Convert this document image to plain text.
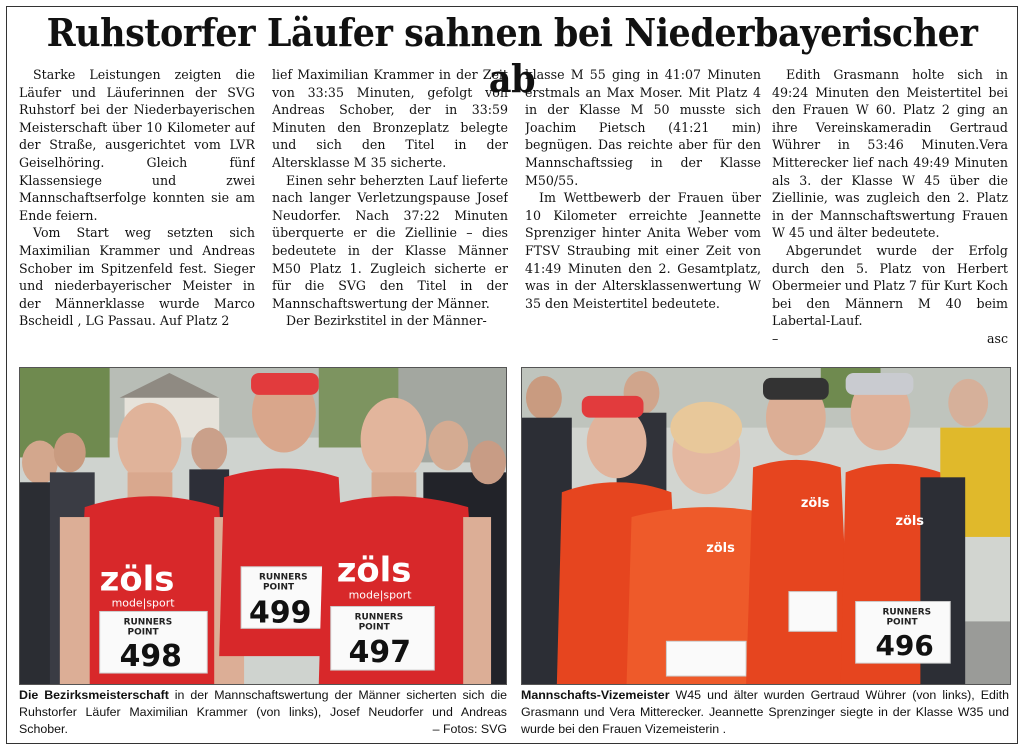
Ruhstorfer Läufer sahnen bei Niederbayerischer ab

Starke Leistungen zeigten die Läufer und Läuferinnen der SVG Ruhstorf bei der Niederbayerischen Meisterschaft über 10 Kilometer auf der Straße, ausgerichtet vom LVR Geiselhöring. Gleich fünf Klassensiege und zwei Mannschaftserfolge konnten sie am Ende feiern.

Vom Start weg setzten sich Maximilian Krammer und Andreas Schober im Spitzenfeld fest. Sieger und niederbayerischer Meister in der Männerklasse wurde Marco Bscheidl , LG Passau. Auf Platz 2

lief Maximilian Krammer in der Zeit von 33:35 Minuten, gefolgt von Andreas Schober, der in 33:59 Minuten den Bronzeplatz belegte und sich den Titel in der Altersklasse M 35 sicherte.

Einen sehr beherzten Lauf lieferte nach langer Verletzungspause Josef Neudorfer. Nach 37:22 Minuten überquerte er die Ziellinie – dies bedeutete in der Klasse Männer M50 Platz 1. Zugleich sicherte er für die SVG den Titel in der Mannschaftswertung der Männer.

Der Bezirkstitel in der Männer-

klasse M 55 ging in 41:07 Minuten erstmals an Max Moser. Mit Platz 4 in der Klasse M 50 musste sich Joachim Pietsch (41:21 min) begnügen. Das reichte aber für den Mannschaftssieg in der Klasse M50/55.

Im Wettbewerb der Frauen über 10 Kilometer erreichte Jeannette Sprenziger hinter Anita Weber vom FTSV Straubing mit einer Zeit von 41:49 Minuten den 2. Gesamtplatz, was in der Altersklassenwertung W 35 den Meistertitel bedeutete.

Edith Grasmann holte sich in 49:24 Minuten den Meistertitel bei den Frauen W 60. Platz 2 ging an ihre Vereinskameradin Gertraud Wührer in 53:46 Minuten.Vera Mitterecker lief nach 49:49 Minuten als 3. der Klasse W 45 über die Ziellinie, was zugleich den 2. Platz in der Mannschaftswertung Frauen W 45 und älter bedeutete.

Abgerundet wurde der Erfolg durch den 5. Platz von Herbert Obermeier und Platz 7 für Kurt Koch bei den Männern M 40 beim Labertal-Lauf.

– asc

zöls
mode|sport
RUNNERS
POINT
498
RUNNERS
POINT
499
zöls
mode|sport
RUNNERS
POINT
497
zöls
zöls
zöls
RUNNERS
POINT
496
Die Bezirksmeisterschaft in der Mannschaftswertung der Männer sicherten sich die Ruhstorfer Läufer Maximilian Krammer (von links), Josef Neudorfer und Andreas Schober.	– Fotos: SVG
Mannschafts-Vizemeister W45 und älter wurden Gertraud Wührer (von links), Edith Grasmann und Vera Mitterecker. Jeannette Sprenzinger siegte in der Klasse W35 und wurde bei den Frauen Vizemeisterin .
